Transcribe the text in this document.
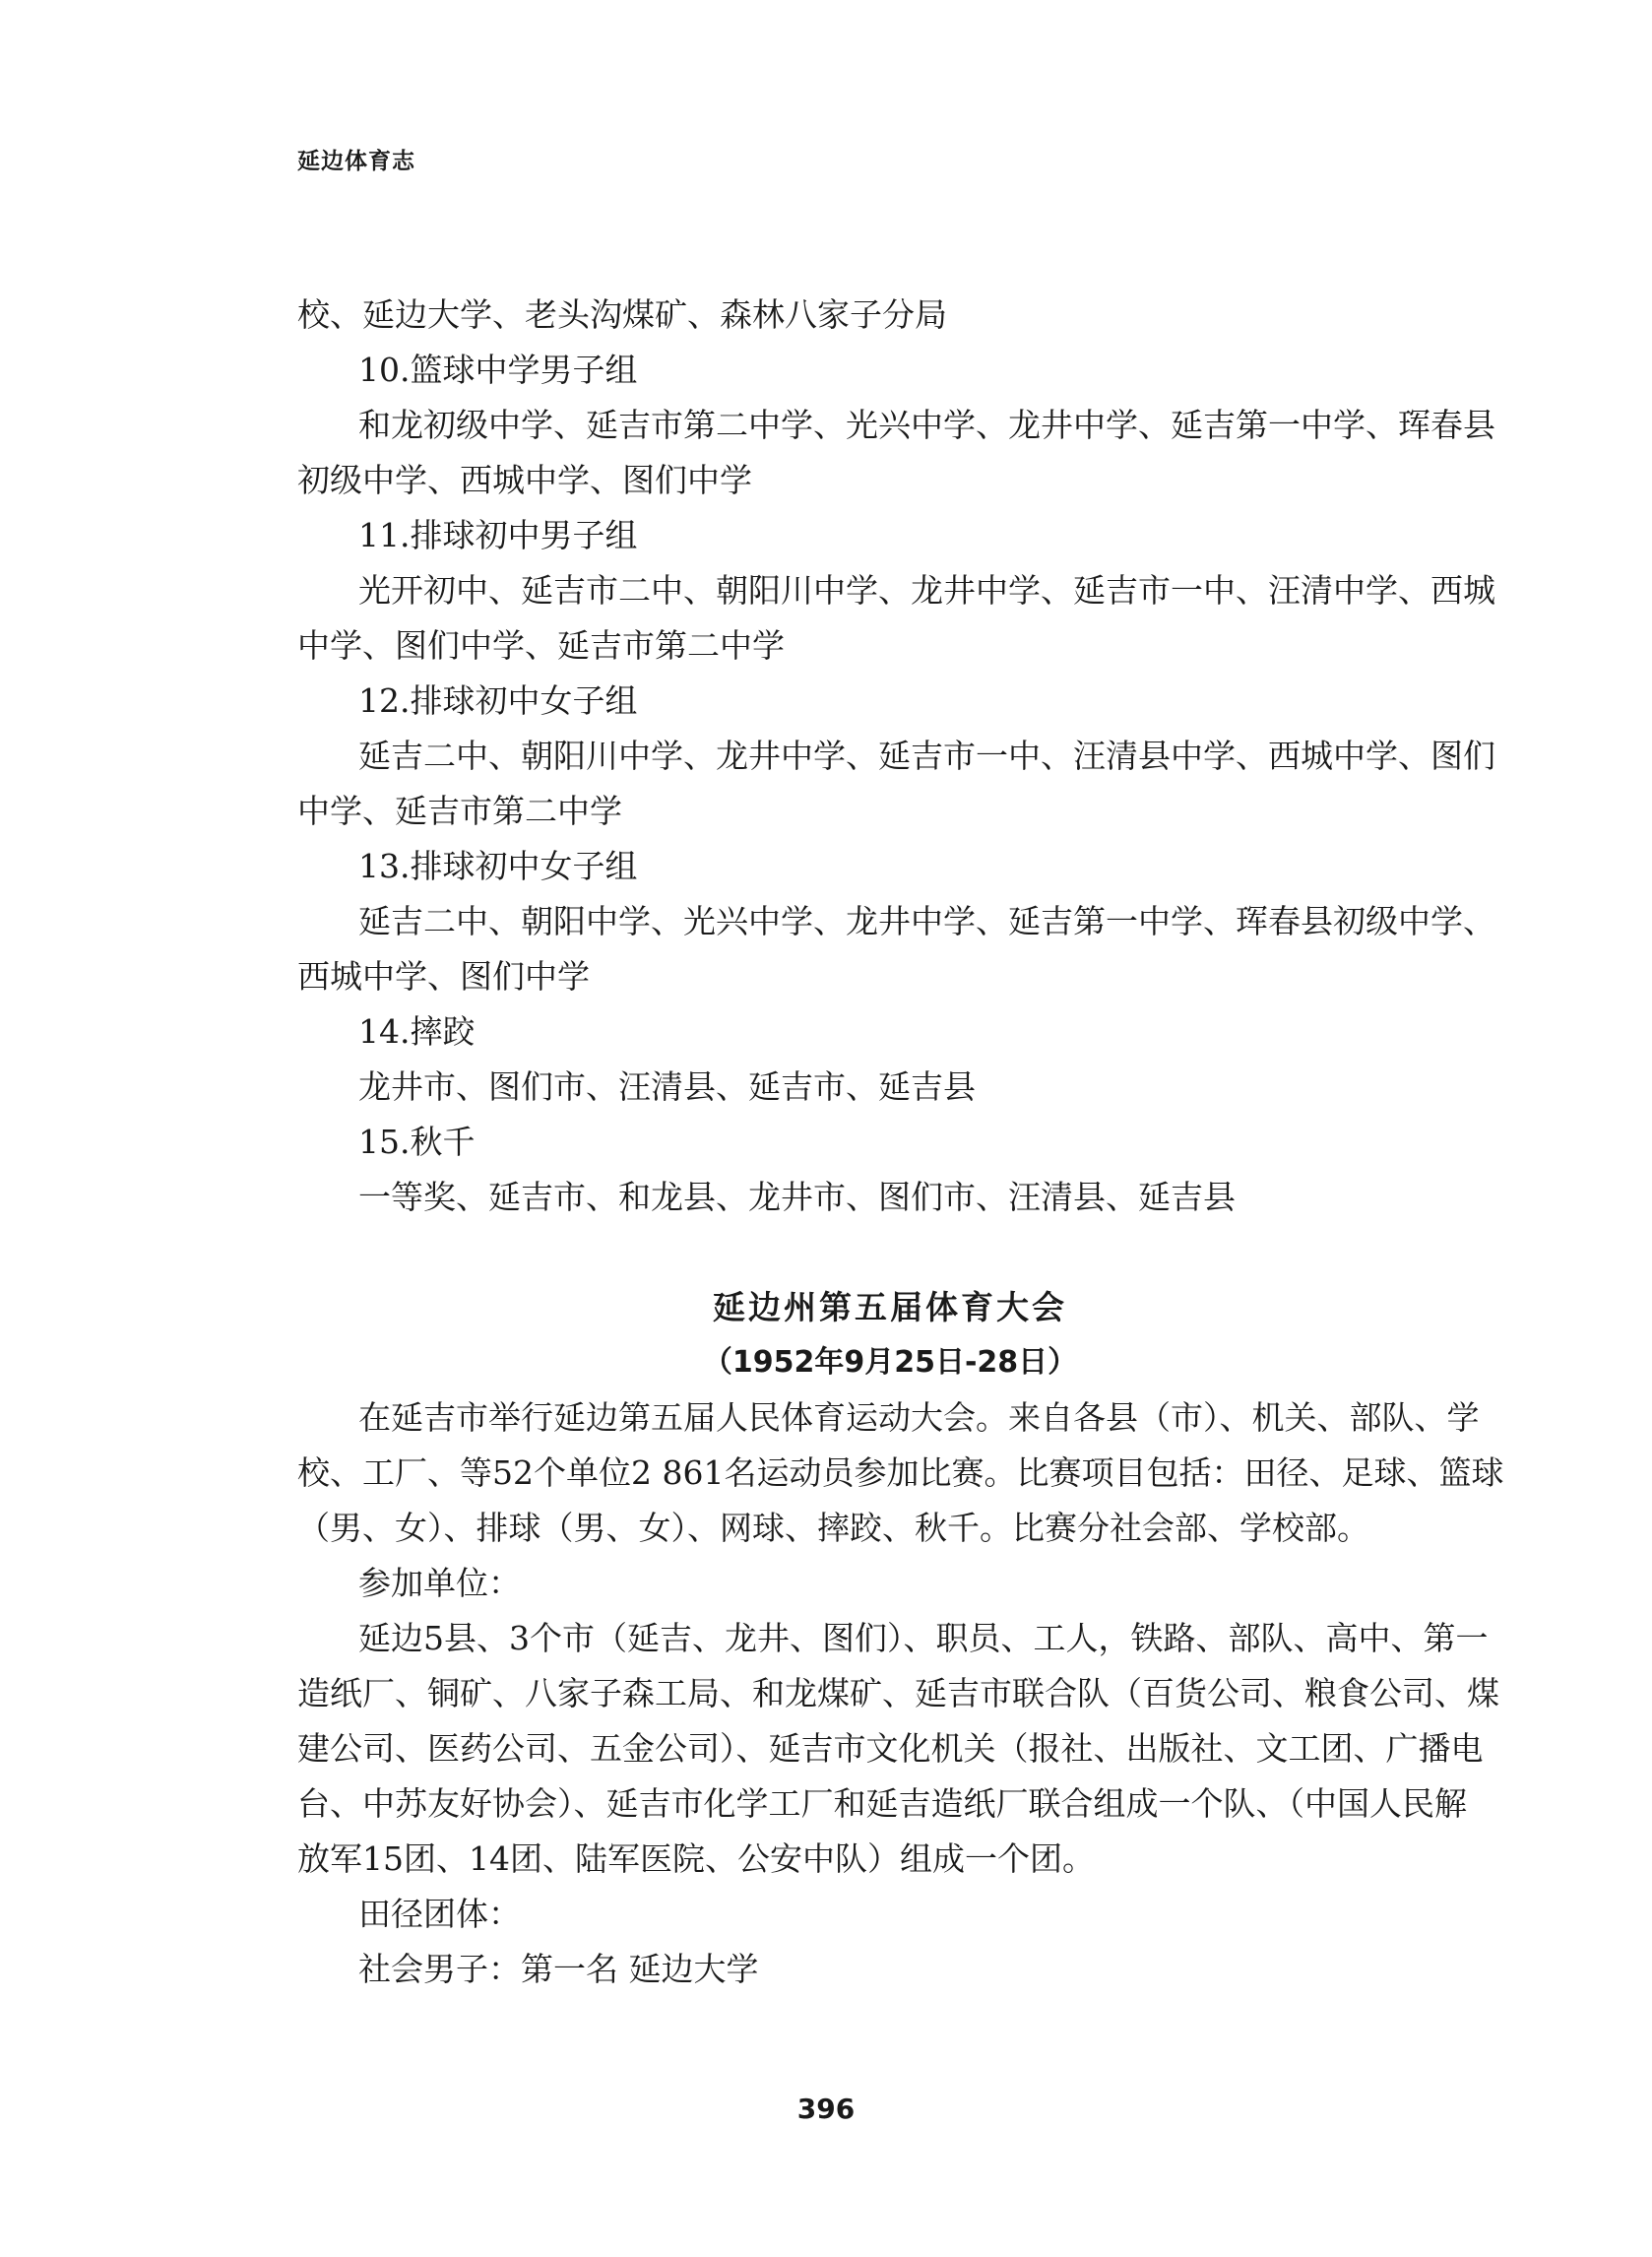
延边体育志
校、延边大学、老头沟煤矿、森林八家子分局
10.篮球中学男子组
和龙初级中学、延吉市第二中学、光兴中学、龙井中学、延吉第一中学、珲春县
初级中学、西城中学、图们中学
11.排球初中男子组
光开初中、延吉市二中、朝阳川中学、龙井中学、延吉市一中、汪清中学、西城
中学、图们中学、延吉市第二中学
12.排球初中女子组
延吉二中、朝阳川中学、龙井中学、延吉市一中、汪清县中学、西城中学、图们
中学、延吉市第二中学
13.排球初中女子组
延吉二中、朝阳中学、光兴中学、龙井中学、延吉第一中学、珲春县初级中学、
西城中学、图们中学
14.摔跤
龙井市、图们市、汪清县、延吉市、延吉县
15.秋千
一等奖、延吉市、和龙县、龙井市、图们市、汪清县、延吉县
延边州第五届体育大会
（1952年9月25日-28日）
在延吉市举行延边第五届人民体育运动大会。来自各县（市）、机关、部队、学
校、工厂、等52个单位2 861名运动员参加比赛。比赛项目包括：田径、足球、篮球
（男、女）、排球（男、女）、网球、摔跤、秋千。比赛分社会部、学校部。
参加单位：
延边5县、3个市（延吉、龙井、图们）、职员、工人，铁路、部队、高中、第一
造纸厂、铜矿、八家子森工局、和龙煤矿、延吉市联合队（百货公司、粮食公司、煤
建公司、医药公司、五金公司）、延吉市文化机关（报社、出版社、文工团、广播电
台、中苏友好协会）、延吉市化学工厂和延吉造纸厂联合组成一个队、（中国人民解
放军15团、14团、陆军医院、公安中队）组成一个团。
田径团体：
社会男子：第一名 延边大学
396
